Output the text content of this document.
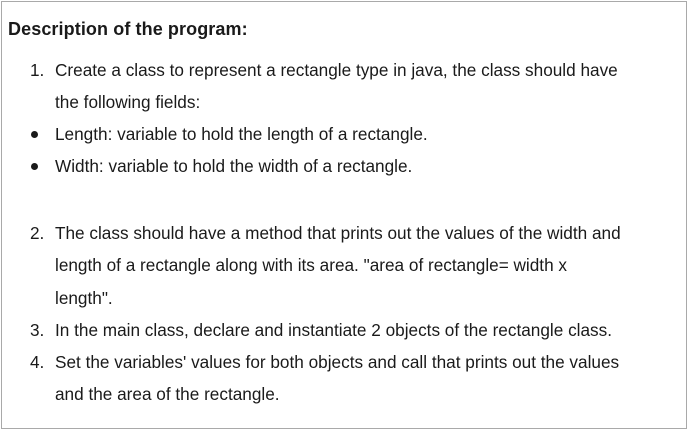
Description of the program:
1. Create a class to represent a rectangle type in java, the class should have
the following fields:
Length: variable to hold the length of a rectangle.
Width: variable to hold the width of a rectangle.
2. The class should have a method that prints out the values of the width and
length of a rectangle along with its area. "area of rectangle= width x
length".
3. In the main class, declare and instantiate 2 objects of the rectangle class.
4. Set the variables' values for both objects and call that prints out the values
and the area of the rectangle.
